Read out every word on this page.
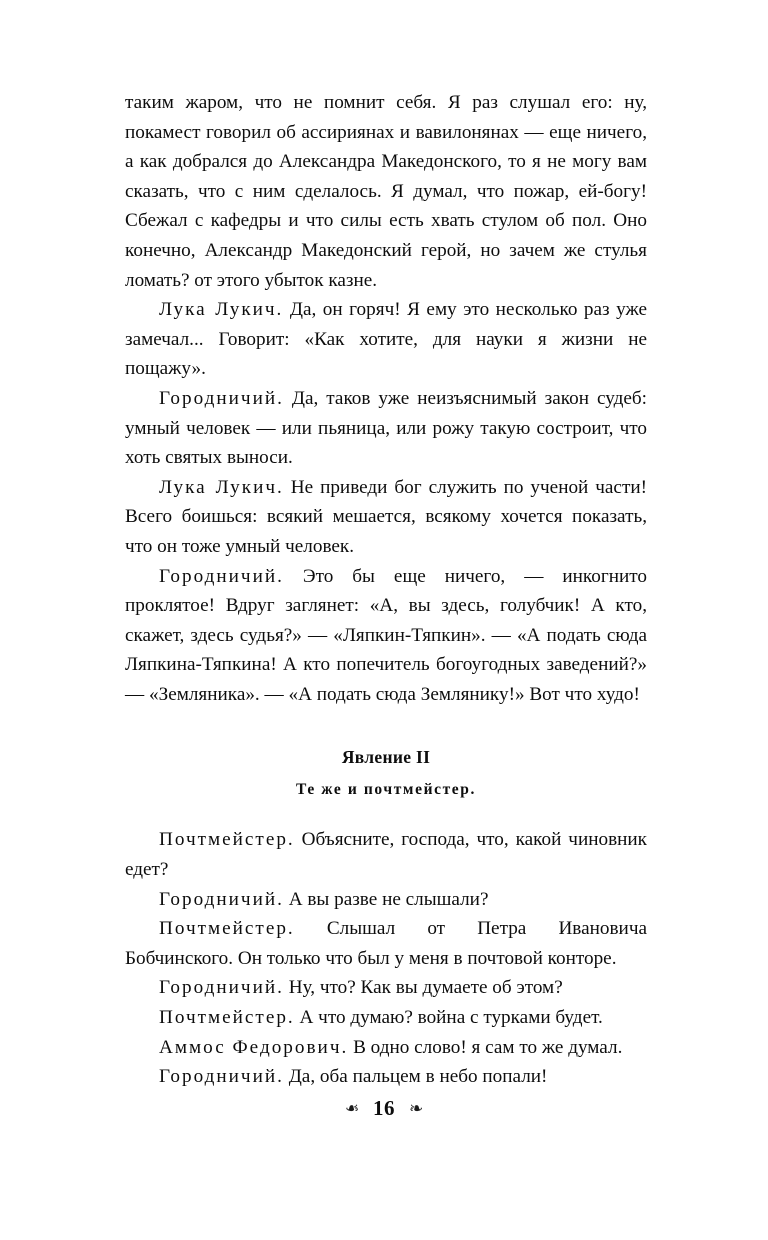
таким жаром, что не помнит себя. Я раз слушал его: ну, покамест говорил об ассириянах и вавилонянах — еще ничего, а как добрался до Александра Македонского, то я не могу вам сказать, что с ним сделалось. Я думал, что пожар, ей-богу! Сбежал с кафедры и что силы есть хвать стулом об пол. Оно конечно, Александр Македонский герой, но зачем же стулья ломать? от этого убыток казне.

Лука Лукич. Да, он горяч! Я ему это несколько раз уже замечал... Говорит: «Как хотите, для науки я жизни не пощажу».

Городничий. Да, таков уже неизъяснимый закон судеб: умный человек — или пьяница, или рожу такую состроит, что хоть святых выноси.

Лука Лукич. Не приведи бог служить по ученой части! Всего боишься: всякий мешается, всякому хочется показать, что он тоже умный человек.

Городничий. Это бы еще ничего, — инкогнито проклятое! Вдруг заглянет: «А, вы здесь, голубчик! А кто, скажет, здесь судья?» — «Ляпкин-Тяпкин». — «А подать сюда Ляпкина-Тяпкина! А кто попечитель богоугодных заведений?» — «Земляника». — «А подать сюда Землянику!» Вот что худо!

Явление II

Те же и почтмейстер.

Почтмейстер. Объясните, господа, что, какой чиновник едет?

Городничий. А вы разве не слышали?

Почтмейстер. Слышал от Петра Ивановича Бобчинского. Он только что был у меня в почтовой конторе.

Городничий. Ну, что? Как вы думаете об этом?

Почтмейстер. А что думаю? война с турками будет.

Аммос Федорович. В одно слово! я сам то же думал.

Городничий. Да, оба пальцем в небо попали!

❧ 16 ❧
